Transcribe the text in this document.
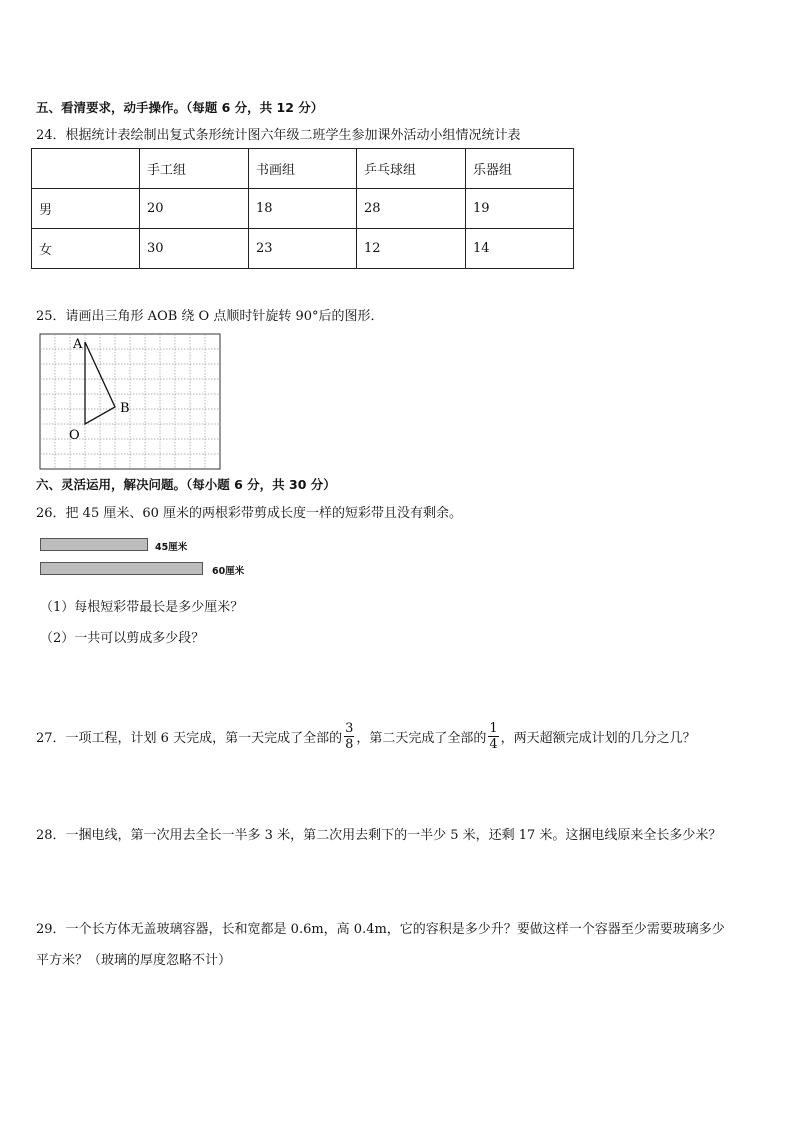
五、看清要求，动手操作。（每题 6 分，共 12 分）
24．根据统计表绘制出复式条形统计图六年级二班学生参加课外活动小组情况统计表
	手工组	书画组	乒乓球组	乐器组
男	20	18	28	19
女	30	23	12	14
25．请画出三角形 AOB 绕 O 点顺时针旋转 90°后的图形．
A
B
O
六、灵活运用，解决问题。（每小题 6 分，共 30 分）
26．把 45 厘米、60 厘米的两根彩带剪成长度一样的短彩带且没有剩余。
45厘米
60厘米
（1）每根短彩带最长是多少厘米？
（2）一共可以剪成多少段？
27．一项工程，计划 6 天完成，第一天完成了全部的 $\frac{3}{8}$ ，第二天完成了全部的 $\frac{1}{4}$ ，两天超额完成计划的几分之几？
28．一捆电线，第一次用去全长一半多 3 米，第二次用去剩下的一半少 5 米，还剩 17 米。这捆电线原来全长多少米？
29．一个长方体无盖玻璃容器，长和宽都是 0.6m，高 0.4m，它的容积是多少升？要做这样一个容器至少需要玻璃多少
平方米？（玻璃的厚度忽略不计）
